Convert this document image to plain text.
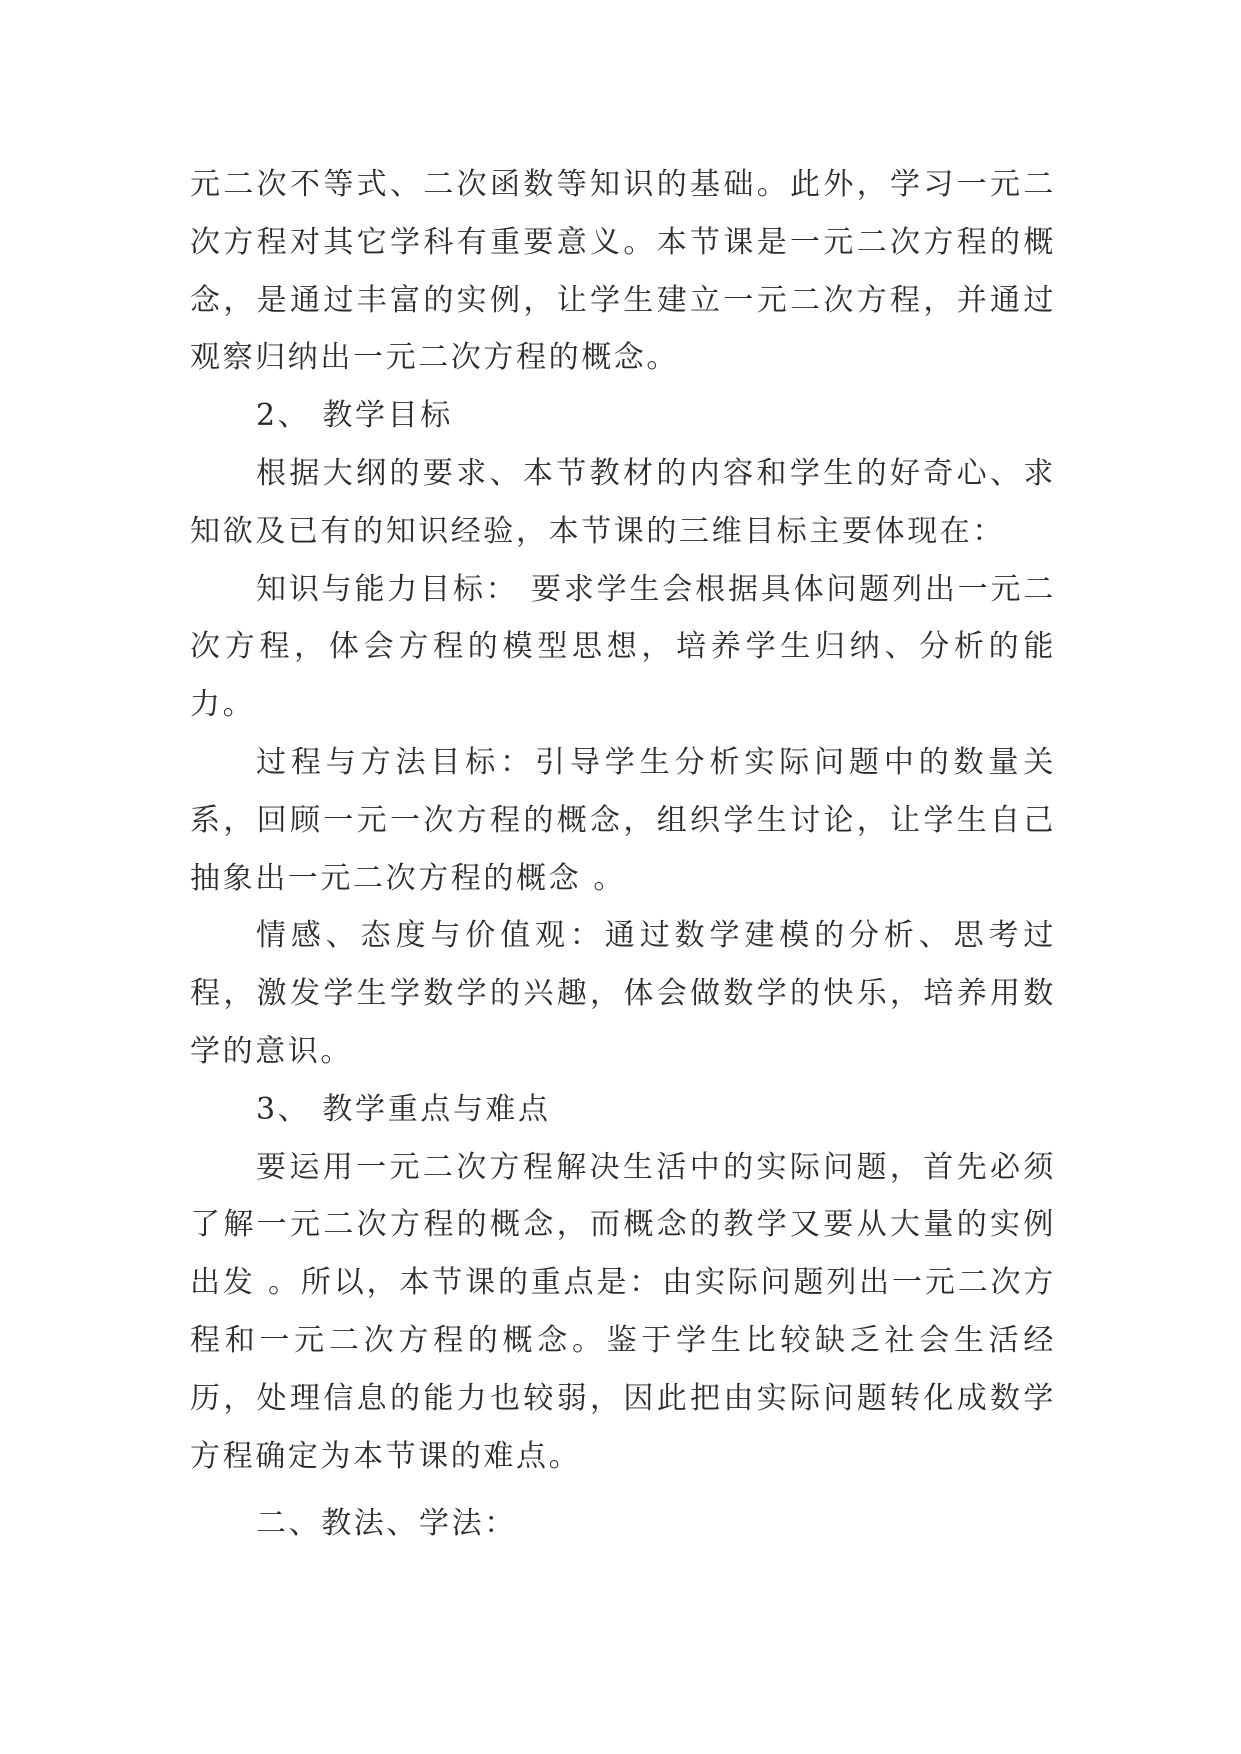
元二次不等式、二次函数等知识的基础。此外，学习一元二次方程对其它学科有重要意义。本节课是一元二次方程的概念，是通过丰富的实例，让学生建立一元二次方程，并通过观察归纳出一元二次方程的概念。

2、 教学目标

根据大纲的要求、本节教材的内容和学生的好奇心、求知欲及已有的知识经验，本节课的三维目标主要体现在：

知识与能力目标： 要求学生会根据具体问题列出一元二次方程，体会方程的模型思想，培养学生归纳、分析的能力。

过程与方法目标：引导学生分析实际问题中的数量关系，回顾一元一次方程的概念，组织学生讨论，让学生自己抽象出一元二次方程的概念 。

情感、态度与价值观：通过数学建模的分析、思考过程，激发学生学数学的兴趣，体会做数学的快乐，培养用数学的意识。

3、 教学重点与难点

要运用一元二次方程解决生活中的实际问题，首先必须了解一元二次方程的概念，而概念的教学又要从大量的实例出发 。所以，本节课的重点是：由实际问题列出一元二次方程和一元二次方程的概念。鉴于学生比较缺乏社会生活经历，处理信息的能力也较弱，因此把由实际问题转化成数学方程确定为本节课的难点。

二、教法、学法：
